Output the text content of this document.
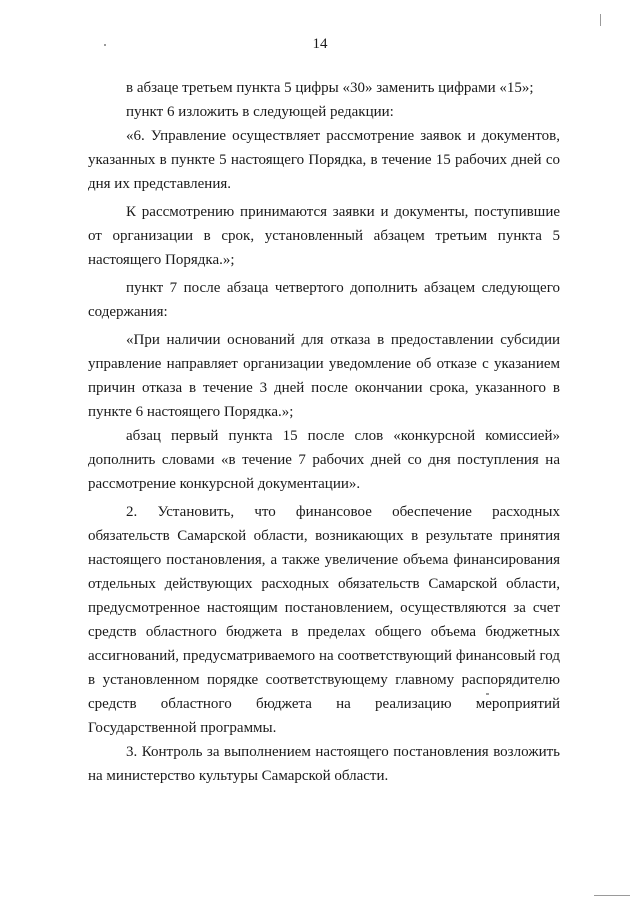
14

в абзаце третьем пункта 5 цифры «30» заменить цифрами «15»;

пункт 6 изложить в следующей редакции:

«6. Управление осуществляет рассмотрение заявок и документов, указанных в пункте 5 настоящего Порядка, в течение 15 рабочих дней со дня их представления.

К рассмотрению принимаются заявки и документы, поступившие от организации в срок, установленный абзацем третьим пункта 5 настоящего Порядка.»;

пункт 7 после абзаца четвертого дополнить абзацем следующего содержания:

«При наличии оснований для отказа в предоставлении субсидии управление направляет организации уведомление об отказе с указанием причин отказа в течение 3 дней после окончании срока, указанного в пункте 6 настоящего Порядка.»;

абзац первый пункта 15 после слов «конкурсной комиссией» дополнить словами «в течение 7 рабочих дней со дня поступления на рассмотрение конкурсной документации».

2. Установить, что финансовое обеспечение расходных обязательств Самарской области, возникающих в результате принятия настоящего постановления, а также увеличение объема финансирования отдельных действующих расходных обязательств Самарской области, предусмотренное настоящим постановлением, осуществляются за счет средств областного бюджета в пределах общего объема бюджетных ассигнований, предусматриваемого на соответствующий финансовый год в установленном порядке соответствующему главному распорядителю средств областного бюджета на реализацию мероприятий Государственной программы.

3. Контроль за выполнением настоящего постановления возложить на министерство культуры Самарской области.
